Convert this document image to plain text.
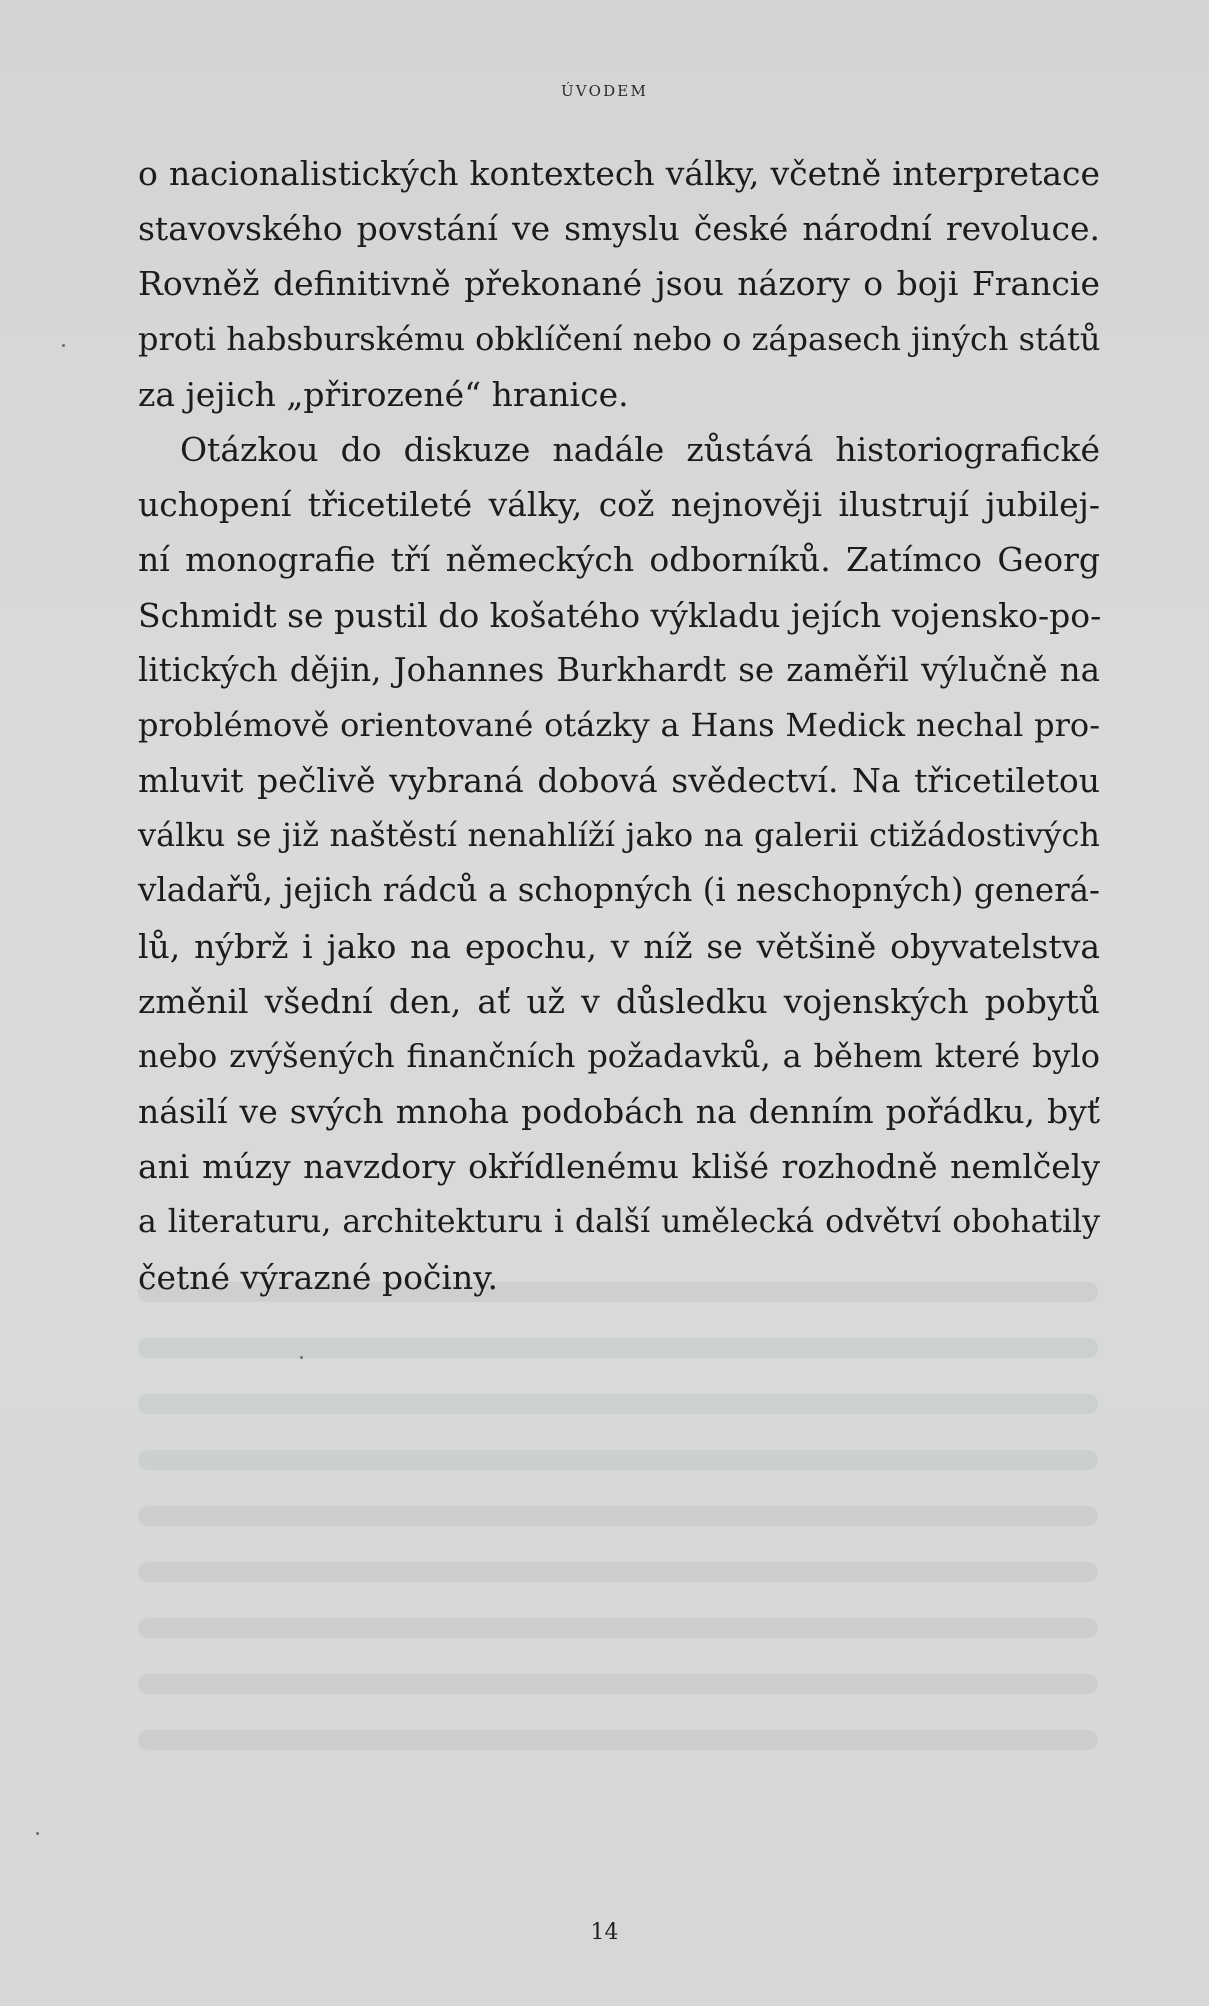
ÚVODEM

o nacionalistických kontextech války, včetně interpretace
stavovského povstání ve smyslu české národní revoluce.
Rovněž definitivně překonané jsou názory o boji Francie
proti habsburskému obklíčení nebo o zápasech jiných států
za jejich „přirozené“ hranice.

Otázkou do diskuze nadále zůstává historiografické
uchopení třicetileté války, což nejnověji ilustrují jubilej-
ní monografie tří německých odborníků. Zatímco Georg
Schmidt se pustil do košatého výkladu jejích vojensko-po-
litických dějin, Johannes Burkhardt se zaměřil výlučně na
problémově orientované otázky a Hans Medick nechal pro-
mluvit pečlivě vybraná dobová svědectví. Na třicetiletou
válku se již naštěstí nenahlíží jako na galerii ctižádostivých
vladařů, jejich rádců a schopných (i neschopných) generá-
lů, nýbrž i jako na epochu, v níž se většině obyvatelstva
změnil všední den, ať už v důsledku vojenských pobytů
nebo zvýšených finančních požadavků, a během které bylo
násilí ve svých mnoha podobách na denním pořádku, byť
ani múzy navzdory okřídlenému klišé rozhodně nemlčely
a literaturu, architekturu i další umělecká odvětví obohatily
četné výrazné počiny.

14
